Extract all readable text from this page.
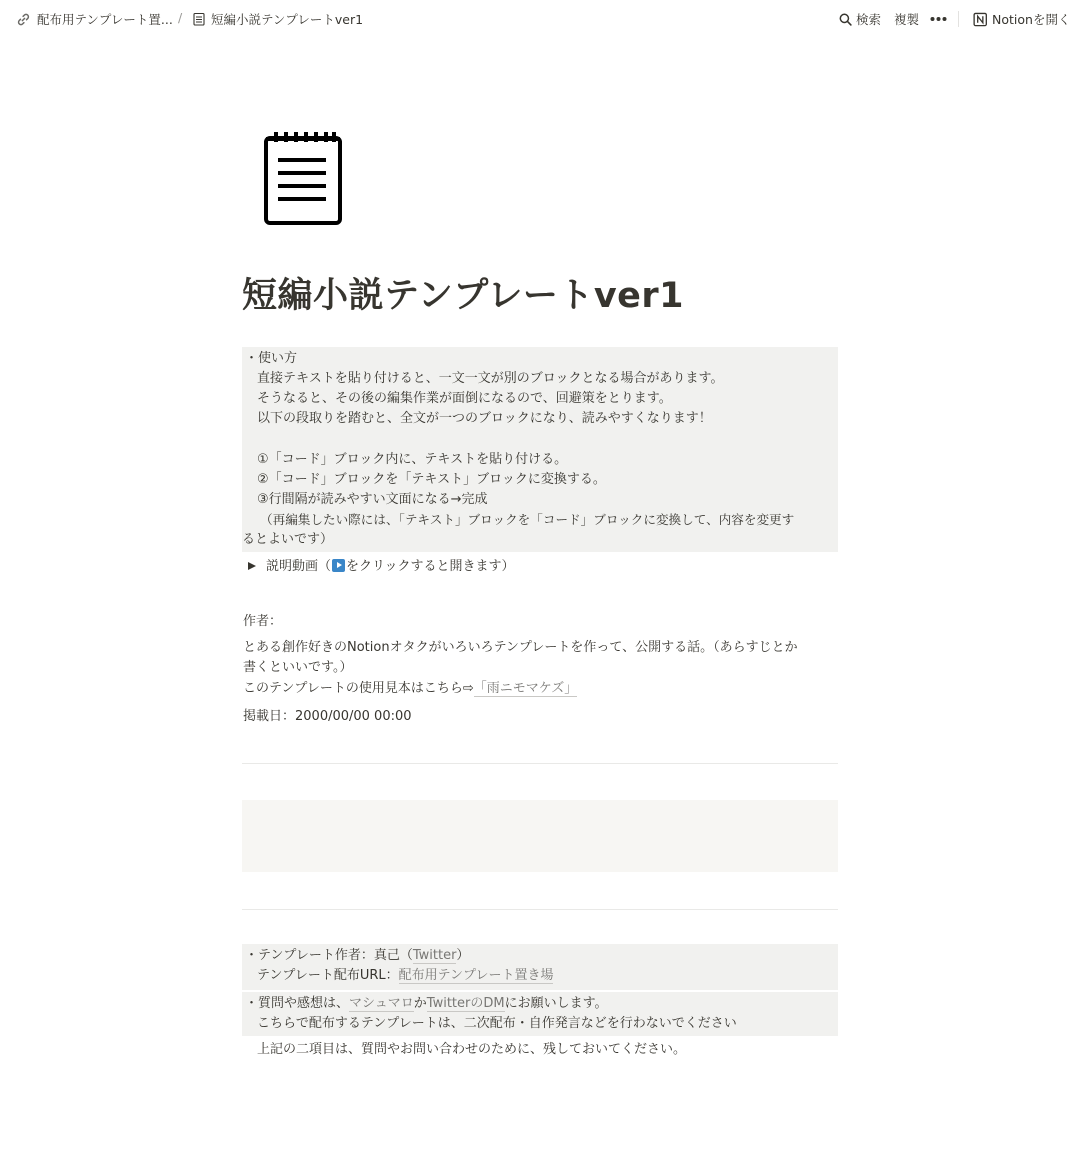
配布用テンプレート置... / 短編小説テンプレートver1	検索 複製	Notionを開く
短編小説テンプレートver1
・使い方
直接テキストを貼り付けると、一文一文が別のブロックとなる場合があります。
そうなると、その後の編集作業が面倒になるので、回避策をとります。
以下の段取りを踏むと、全文が一つのブロックになり、読みやすくなります！
①「コード」ブロック内に、テキストを貼り付ける。
②「コード」ブロックを「テキスト」ブロックに変換する。
③行間隔が読みやすい文面になる→完成
（再編集したい際には、「テキスト」ブロックを「コード」ブロックに変換して、内容を変更す
るとよいです）
説明動画（ をクリックすると開きます）
作者：
とある創作好きのNotionオタクがいろいろテンプレートを作って、公開する話。（あらすじとか
書くといいです。）
このテンプレートの使用見本はこちら⇨「雨ニモマケズ」
掲載日：2000/00/00 00:00
・テンプレート作者：真己（Twitter）
テンプレート配布URL：配布用テンプレート置き場
・質問や感想は、マシュマロかTwitterのDMにお願いします。
こちらで配布するテンプレートは、二次配布・自作発言などを行わないでください
上記の二項目は、質問やお問い合わせのために、残しておいてください。
